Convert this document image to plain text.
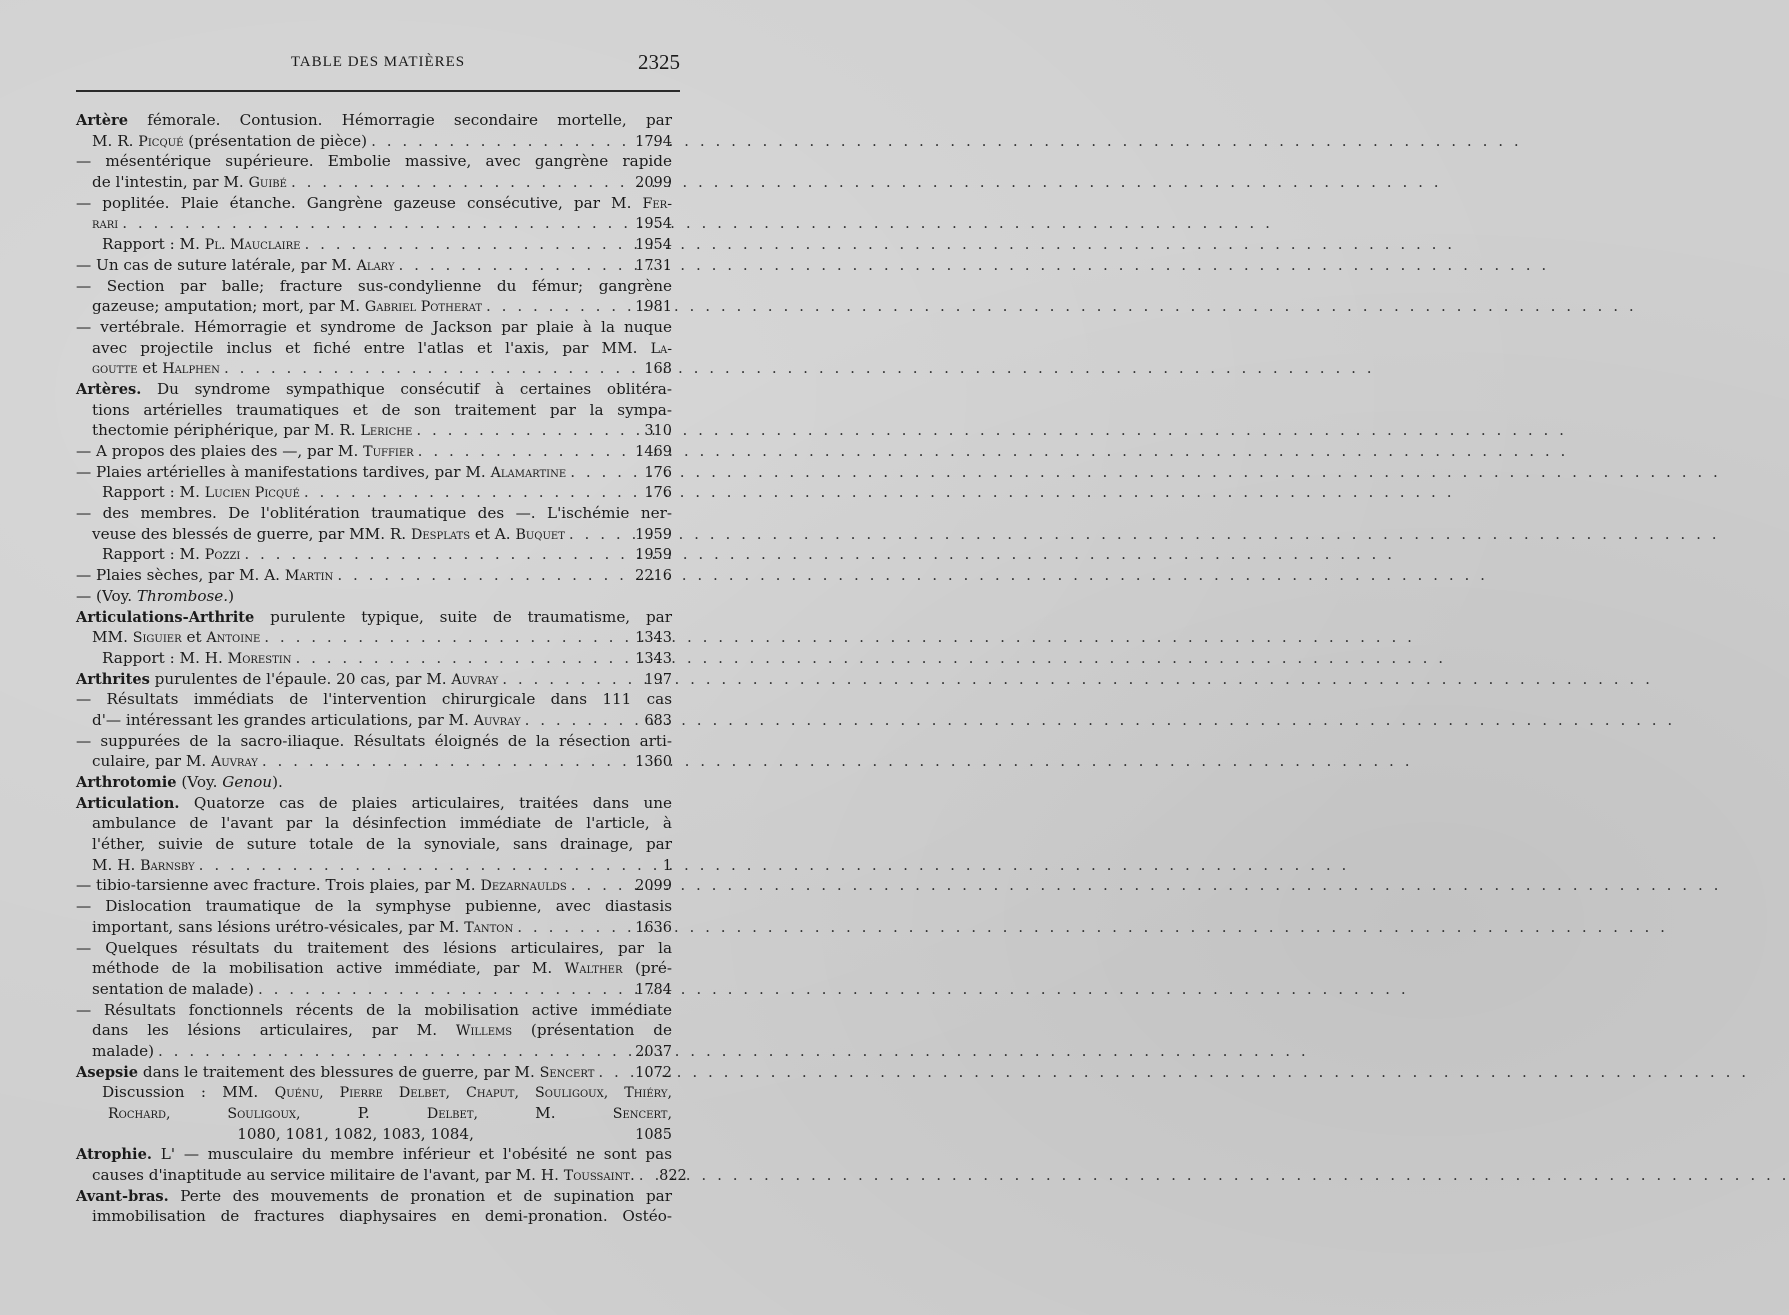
TABLE DES MATIÈRES	2325
Artère fémorale. Contusion. Hémorragie secondaire mortelle, par
M. R. Picqué (présentation de pièce) . . .	1794
— mésentérique supérieure. Embolie massive, avec gangrène rapide
de l'intestin, par M. Guibé . . .	2099
— poplitée. Plaie étanche. Gangrène gazeuse consécutive, par M. Fer-
rari . . .	1954
Rapport : M. Pl. Mauclaire . . .	1954
— Un cas de suture latérale, par M. Alary . . .	1731
— Section par balle; fracture sus-condylienne du fémur; gangrène
gazeuse; amputation; mort, par M. Gabriel Potherat . . .	1981
— vertébrale. Hémorragie et syndrome de Jackson par plaie à la nuque
avec projectile inclus et fiché entre l'atlas et l'axis, par MM. La-
goutte et Halphen . . .	168
Artères. Du syndrome sympathique consécutif à certaines oblitéra-
tions artérielles traumatiques et de son traitement par la sympa-
thectomie périphérique, par M. R. Leriche . . .	310
— A propos des plaies des —, par M. Tuffier . . .	1469
— Plaies artérielles à manifestations tardives, par M. Alamartine . . .	176
Rapport : M. Lucien Picqué . . .	176
— des membres. De l'oblitération traumatique des —. L'ischémie ner-
veuse des blessés de guerre, par MM. R. Desplats et A. Buquet . . .	1959
Rapport : M. Pozzi . . .	1959
— Plaies sèches, par M. A. Martin . . .	2216
— (Voy. Thrombose.)
Articulations-Arthrite purulente typique, suite de traumatisme, par
MM. Siguier et Antoine . . .	1343
Rapport : M. H. Morestin . . .	1343
Arthrites purulentes de l'épaule. 20 cas, par M. Auvray . . .	197
— Résultats immédiats de l'intervention chirurgicale dans 111 cas
d'— intéressant les grandes articulations, par M. Auvray . . .	683
— suppurées de la sacro-iliaque. Résultats éloignés de la résection arti-
culaire, par M. Auvray . . .	1360
Arthrotomie (Voy. Genou).
Articulation. Quatorze cas de plaies articulaires, traitées dans une
ambulance de l'avant par la désinfection immédiate de l'article, à
l'éther, suivie de suture totale de la synoviale, sans drainage, par
M. H. Barnsby . . .	1
— tibio-tarsienne avec fracture. Trois plaies, par M. Dezarnaulds . . .	2099
— Dislocation traumatique de la symphyse pubienne, avec diastasis
important, sans lésions urétro-vésicales, par M. Tanton . . .	1636
— Quelques résultats du traitement des lésions articulaires, par la
méthode de la mobilisation active immédiate, par M. Walther (pré-
sentation de malade) . . .	1784
— Résultats fonctionnels récents de la mobilisation active immédiate
dans les lésions articulaires, par M. Willems (présentation de
malade) . . .	2037
Asepsie dans le traitement des blessures de guerre, par M. Sencert . . .	1072
Discussion : MM. Quénu, Pierre Delbet, Chaput, Souligoux, Thiéry,
Rochard, Souligoux, P. Delbet, M. Sencert,
1080, 1081, 1082, 1083, 1084,	1085
Atrophie. L' — musculaire du membre inférieur et l'obésité ne sont pas
causes d'inaptitude au service militaire de l'avant, par M. H. Toussaint. . . .	822
Avant-bras. Perte des mouvements de pronation et de supination par
immobilisation de fractures diaphysaires en demi-pronation. Ostéo-
